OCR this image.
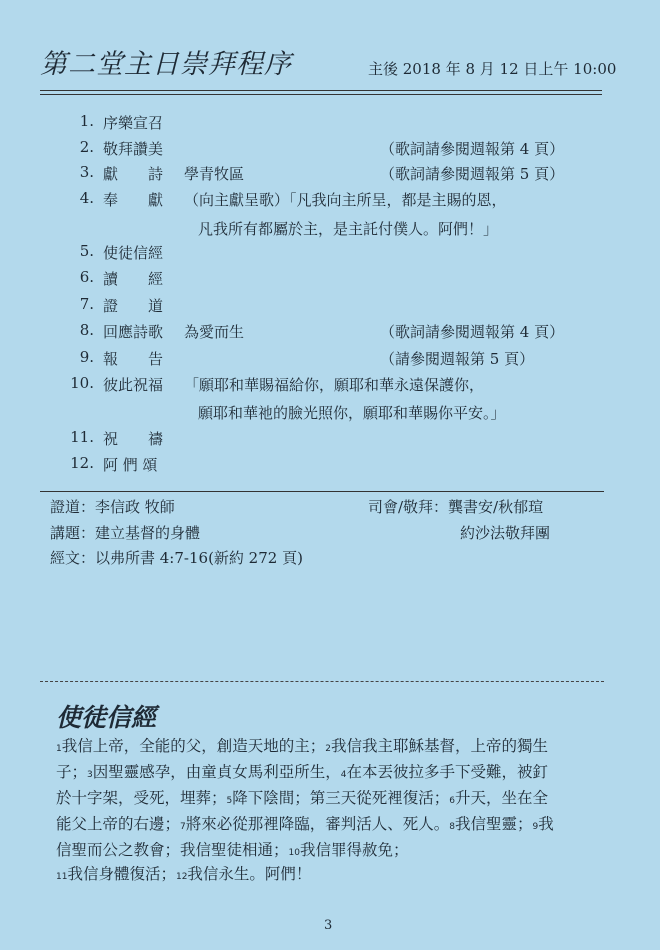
第二堂主日崇拜程序	主後 2018 年 8 月 12 日上午 10:00
1. 序樂宣召
2. 敬拜讚美	（歌詞請參閱週報第 4 頁）
3. 獻　　詩	學青牧區	（歌詞請參閱週報第 5 頁）
4. 奉　　獻	（向主獻呈歌）「凡我向主所呈，都是主賜的恩，
凡我所有都屬於主，是主託付僕人。阿們！」
5. 使徒信經
6. 讀　　經
7. 證　　道
8. 回應詩歌	為愛而生	（歌詞請參閱週報第 4 頁）
9. 報　　告	（請參閱週報第 5 頁）
10. 彼此祝福	「願耶和華賜福給你，願耶和華永遠保護你，
願耶和華祂的臉光照你，願耶和華賜你平安。」
11. 祝　　禱
12. 阿 們 頌
證道：李信政 牧師	司會/敬拜：龔書安/秋郁瑄
講題：建立基督的身體	約沙法敬拜團
經文：以弗所書 4:7-16(新約 272 頁)
使徒信經
1我信上帝，全能的父，創造天地的主；2我信我主耶穌基督，上帝的獨生
子；3因聖靈感孕，由童貞女馬利亞所生，4在本丟彼拉多手下受難，被釘
於十字架，受死，埋葬；5降下陰間；第三天從死裡復活；6升天，坐在全
能父上帝的右邊；7將來必從那裡降臨，審判活人、死人。8我信聖靈；9我
信聖而公之教會；我信聖徒相通；10我信罪得赦免；
11我信身體復活；12我信永生。阿們！
3
